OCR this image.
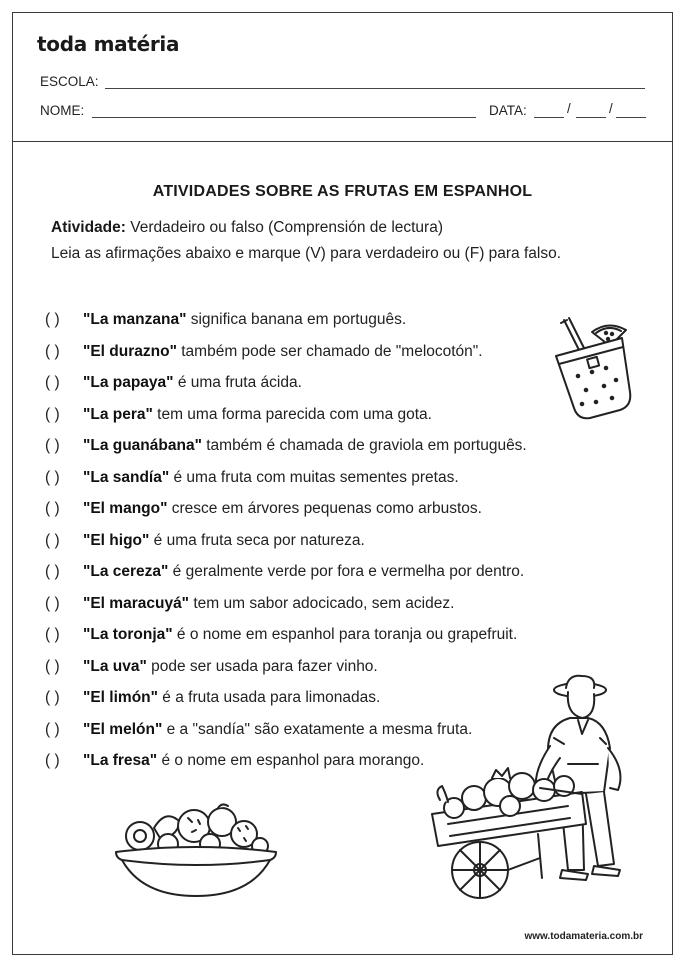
toda matéria
ESCOLA:
NOME:	DATA:	/	/
ATIVIDADES SOBRE AS FRUTAS EM ESPANHOL
Atividade: Verdadeiro ou falso (Comprensión de lectura)
Leia as afirmações abaixo e marque (V) para verdadeiro ou (F) para falso.
( ) "La manzana" significa banana em português.
( ) "El durazno" também pode ser chamado de "melocotón".
( ) "La papaya" é uma fruta ácida.
( ) "La pera" tem uma forma parecida com uma gota.
( ) "La guanábana" também é chamada de graviola em português.
( ) "La sandía" é uma fruta com muitas sementes pretas.
( ) "El mango" cresce em árvores pequenas como arbustos.
( ) "El higo" é uma fruta seca por natureza.
( ) "La cereza" é geralmente verde por fora e vermelha por dentro.
( ) "El maracuyá" tem um sabor adocicado, sem acidez.
( ) "La toronja" é o nome em espanhol para toranja ou grapefruit.
( ) "La uva" pode ser usada para fazer vinho.
( ) "El limón" é a fruta usada para limonadas.
( ) "El melón" e a "sandía" são exatamente a mesma fruta.
( ) "La fresa" é o nome em espanhol para morango.
www.todamateria.com.br
